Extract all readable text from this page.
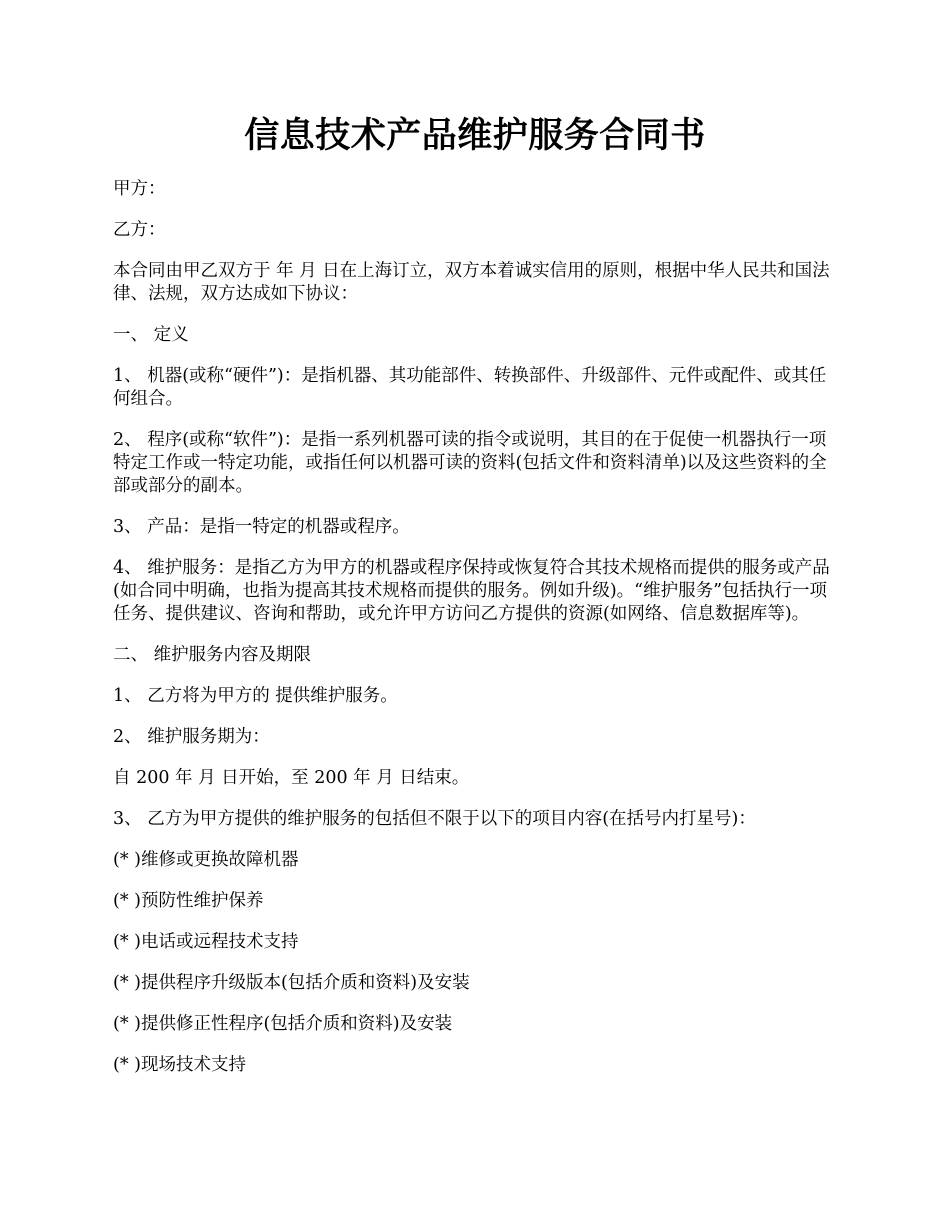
信息技术产品维护服务合同书

甲方：

乙方：

本合同由甲乙双方于 年 月 日在上海订立，双方本着诚实信用的原则，根据中华人民共和国法律、法规，双方达成如下协议：

一、 定义

1、 机器(或称“硬件”)：是指机器、其功能部件、转换部件、升级部件、元件或配件、或其任何组合。

2、 程序(或称“软件”)：是指一系列机器可读的指令或说明，其目的在于促使一机器执行一项特定工作或一特定功能，或指任何以机器可读的资料(包括文件和资料清单)以及这些资料的全部或部分的副本。

3、 产品：是指一特定的机器或程序。

4、 维护服务：是指乙方为甲方的机器或程序保持或恢复符合其技术规格而提供的服务或产品(如合同中明确，也指为提高其技术规格而提供的服务。例如升级)。“维护服务”包括执行一项任务、提供建议、咨询和帮助，或允许甲方访问乙方提供的资源(如网络、信息数据库等)。

二、 维护服务内容及期限

1、 乙方将为甲方的 提供维护服务。

2、 维护服务期为：

自 200 年 月 日开始，至 200 年 月 日结束。

3、 乙方为甲方提供的维护服务的包括但不限于以下的项目内容(在括号内打星号)：

(* )维修或更换故障机器

(* )预防性维护保养

(* )电话或远程技术支持

(* )提供程序升级版本(包括介质和资料)及安装

(* )提供修正性程序(包括介质和资料)及安装

(* )现场技术支持
